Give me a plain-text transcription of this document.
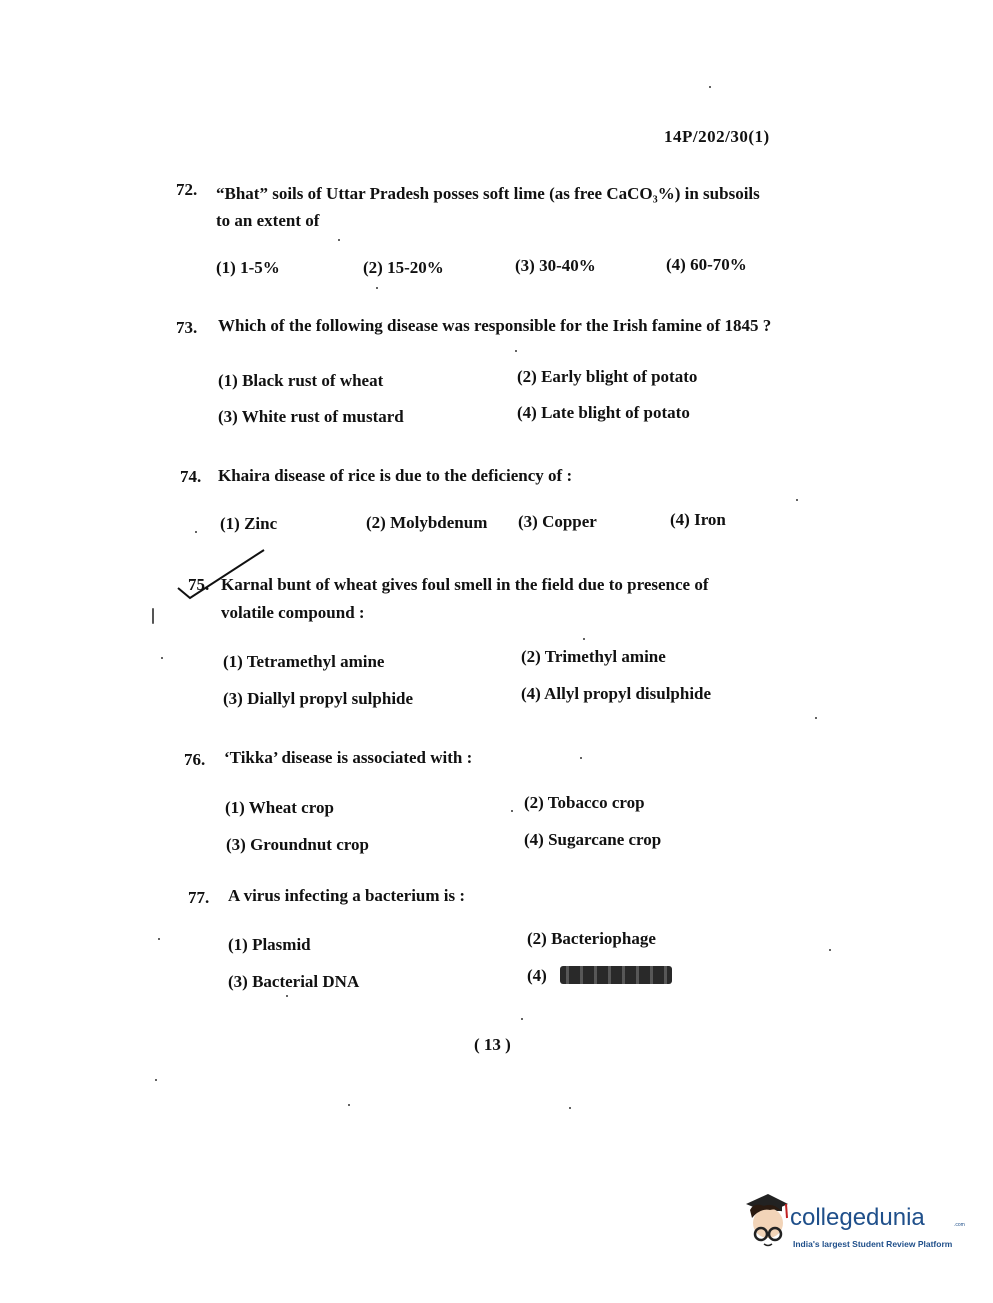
14P/202/30(1)
72. “Bhat” soils of Uttar Pradesh posses soft lime (as free CaCO₃%) in subsoils
to an extent of
(1) 1-5%	(2) 15-20%	(3) 30-40%	(4) 60-70%
73. Which of the following disease was responsible for the Irish famine of 1845 ?
(1) Black rust of wheat	(2) Early blight of potato
(3) White rust of mustard	(4) Late blight of potato
74. Khaira disease of rice is due to the deficiency of :
(1) Zinc	(2) Molybdenum (3) Copper	(4) Iron
75. Karnal bunt of wheat gives foul smell in the field due to presence of
volatile compound :
(1) Tetramethyl amine	(2) Trimethyl amine
(3) Diallyl propyl sulphide	(4) Allyl propyl disulphide
76. ‘Tikka’ disease is associated with :
(1) Wheat crop	(2) Tobacco crop
(3) Groundnut crop	(4) Sugarcane crop
77. A virus infecting a bacterium is :
(1) Plasmid	(2) Bacteriophage
(3) Bacterial DNA	(4)
( 13 )
collegedunia	.com
India's largest Student Review Platform
